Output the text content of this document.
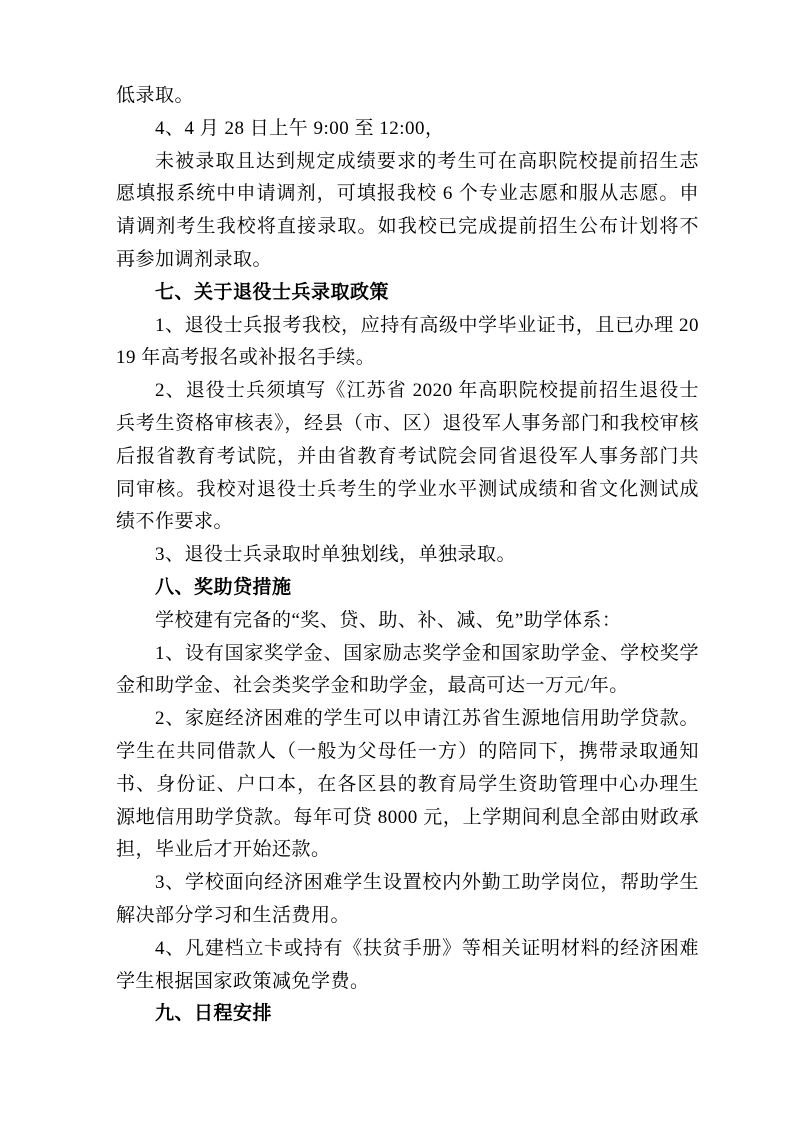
低录取。

4、4 月 28 日上午 9:00 至 12:00，

未被录取且达到规定成绩要求的考生可在高职院校提前招生志愿填报系统中申请调剂，可填报我校 6 个专业志愿和服从志愿。申请调剂考生我校将直接录取。如我校已完成提前招生公布计划将不再参加调剂录取。

七、关于退役士兵录取政策

1、退役士兵报考我校，应持有高级中学毕业证书，且已办理 2019 年高考报名或补报名手续。

2、退役士兵须填写《江苏省 2020 年高职院校提前招生退役士兵考生资格审核表》，经县（市、区）退役军人事务部门和我校审核后报省教育考试院，并由省教育考试院会同省退役军人事务部门共同审核。我校对退役士兵考生的学业水平测试成绩和省文化测试成绩不作要求。

3、退役士兵录取时单独划线，单独录取。

八、奖助贷措施

学校建有完备的“奖、贷、助、补、减、免”助学体系：

1、设有国家奖学金、国家励志奖学金和国家助学金、学校奖学金和助学金、社会类奖学金和助学金，最高可达一万元/年。

2、家庭经济困难的学生可以申请江苏省生源地信用助学贷款。学生在共同借款人（一般为父母任一方）的陪同下，携带录取通知书、身份证、户口本，在各区县的教育局学生资助管理中心办理生源地信用助学贷款。每年可贷 8000 元，上学期间利息全部由财政承担，毕业后才开始还款。

3、学校面向经济困难学生设置校内外勤工助学岗位，帮助学生解决部分学习和生活费用。

4、凡建档立卡或持有《扶贫手册》等相关证明材料的经济困难学生根据国家政策减免学费。

九、日程安排
